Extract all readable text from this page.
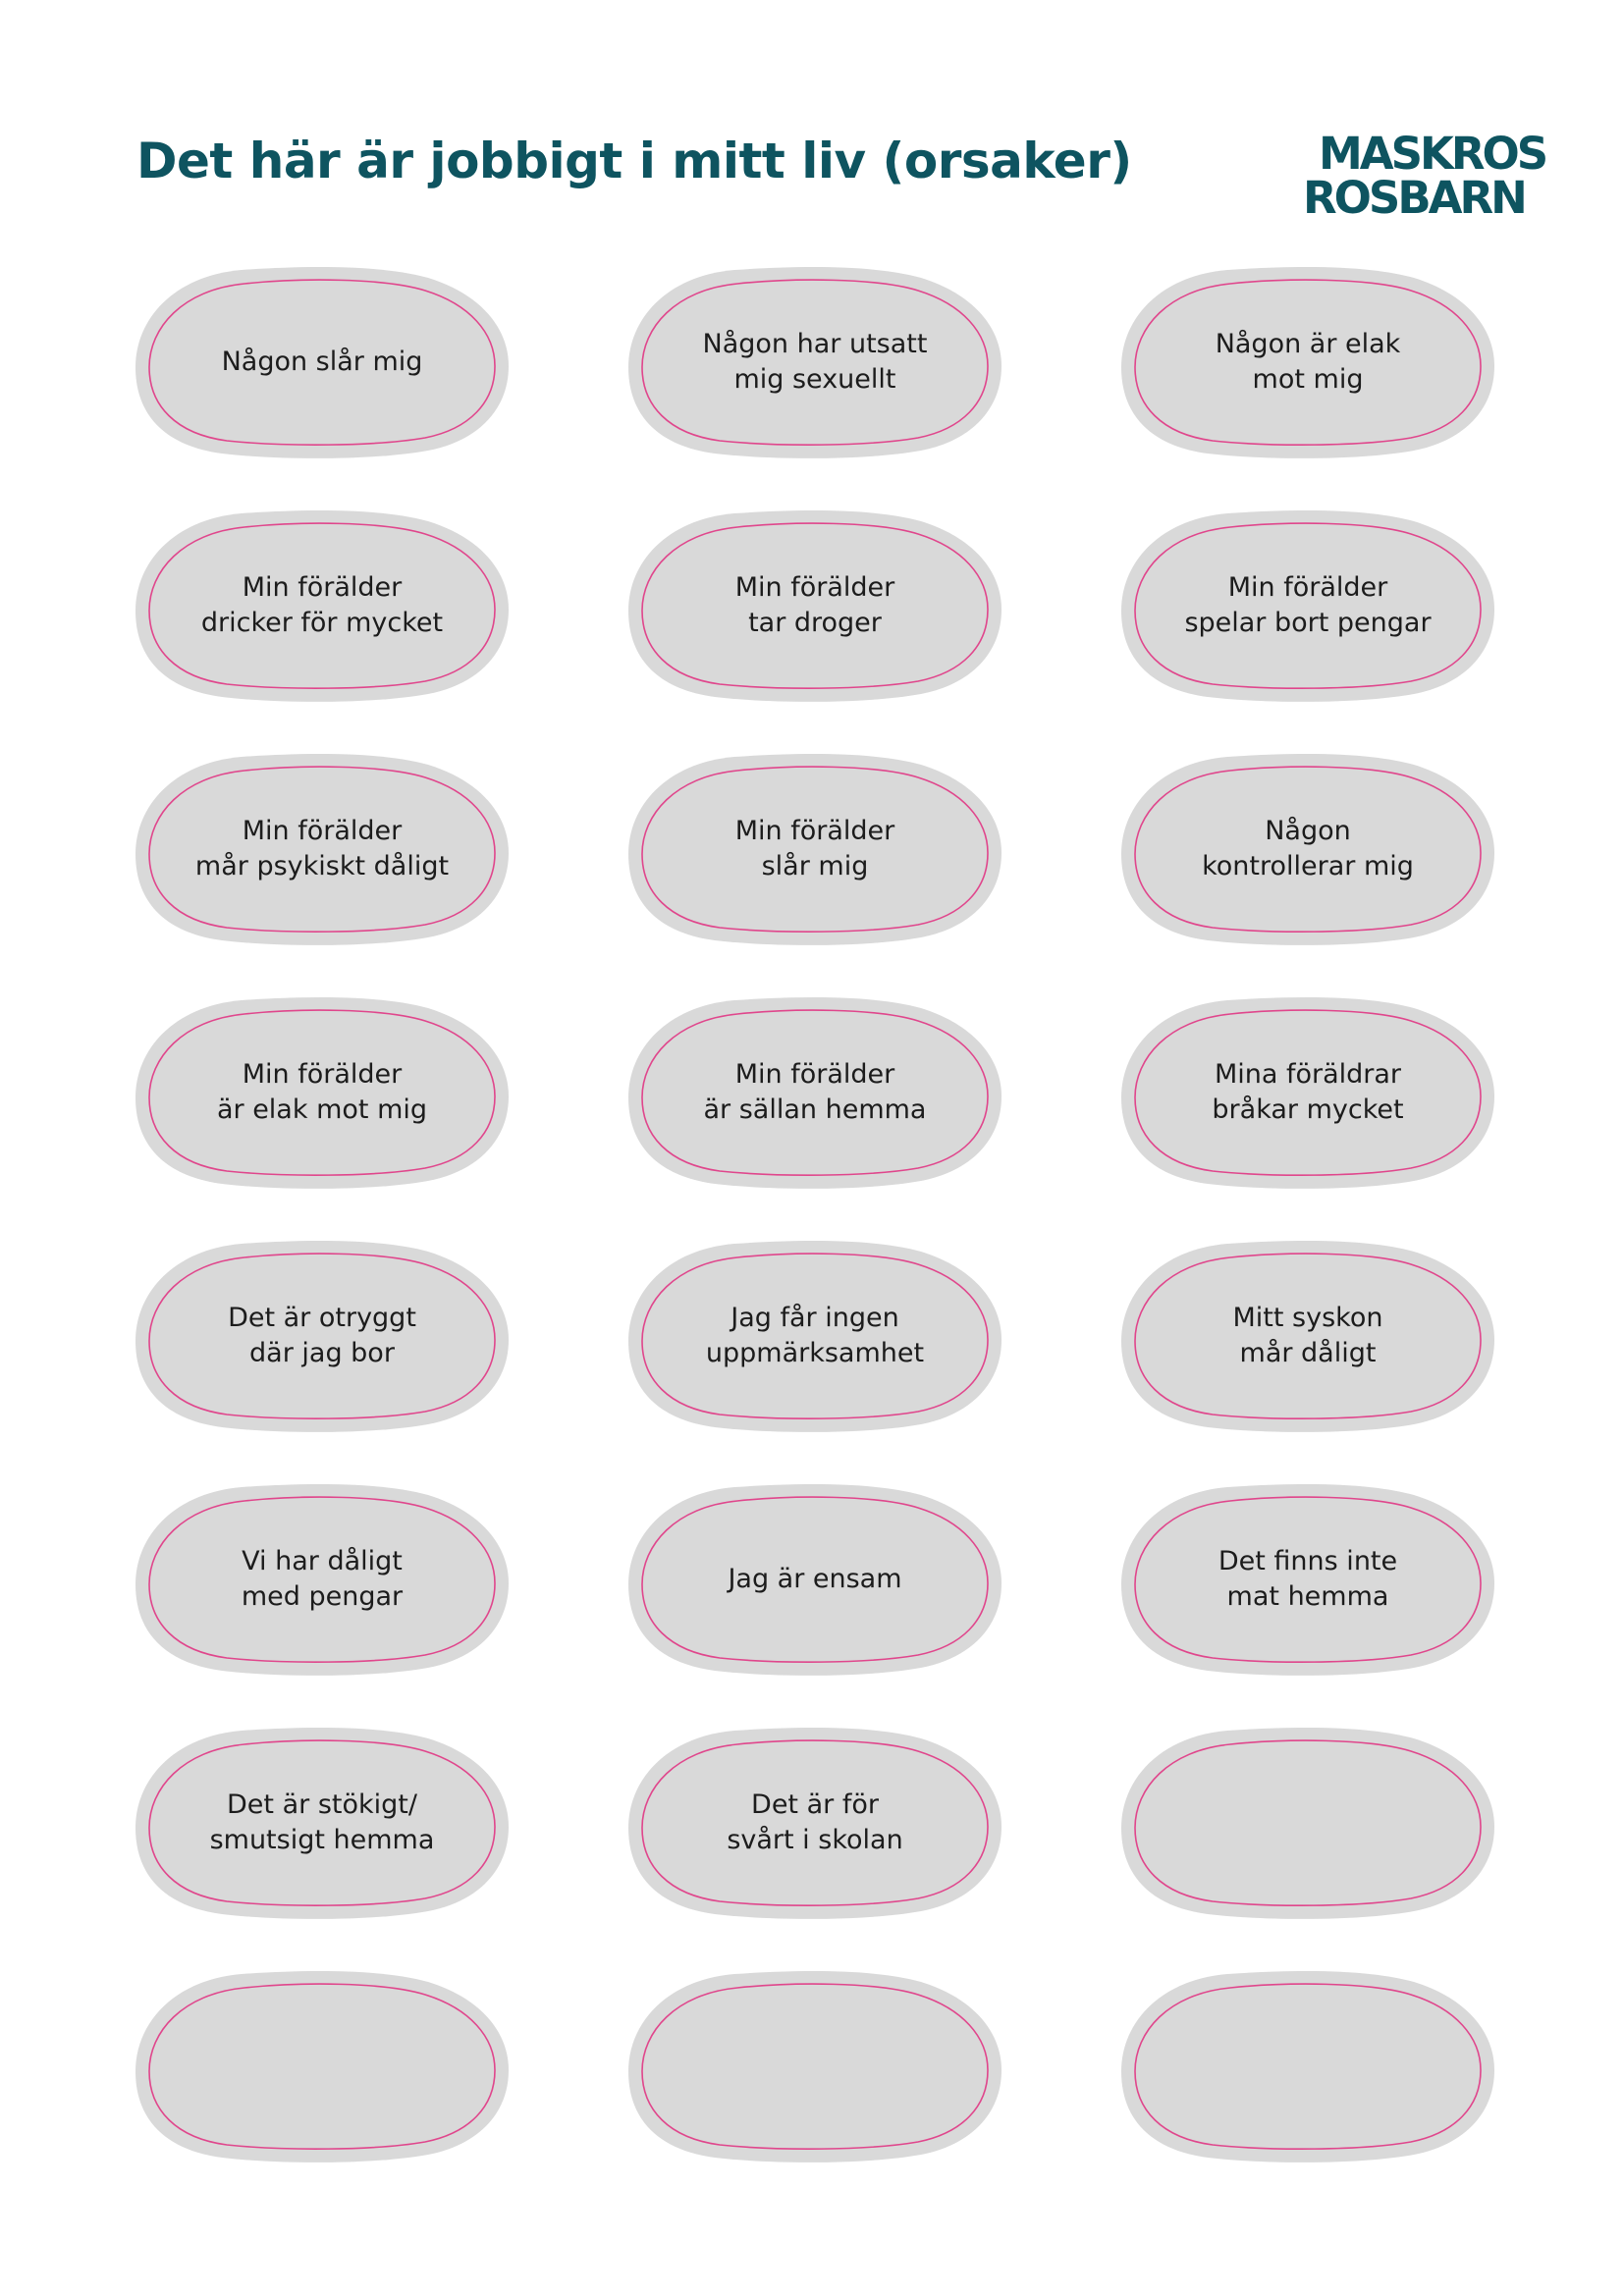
Det här är jobbigt i mitt liv (orsaker)	MASKROS
ROSBARN
Någon slår mig
Någon har utsatt
mig sexuellt
Någon är elak
mot mig
Min förälder
dricker för mycket
Min förälder
tar droger
Min förälder
spelar bort pengar
Min förälder
mår psykiskt dåligt
Min förälder
slår mig
Någon
kontrollerar mig
Min förälder
är elak mot mig
Min förälder
är sällan hemma
Mina föräldrar
bråkar mycket
Det är otryggt
där jag bor
Jag får ingen
uppmärksamhet
Mitt syskon
mår dåligt
Vi har dåligt
med pengar
Jag är ensam
Det finns inte
mat hemma
Det är stökigt/
smutsigt hemma
Det är för
svårt i skolan
